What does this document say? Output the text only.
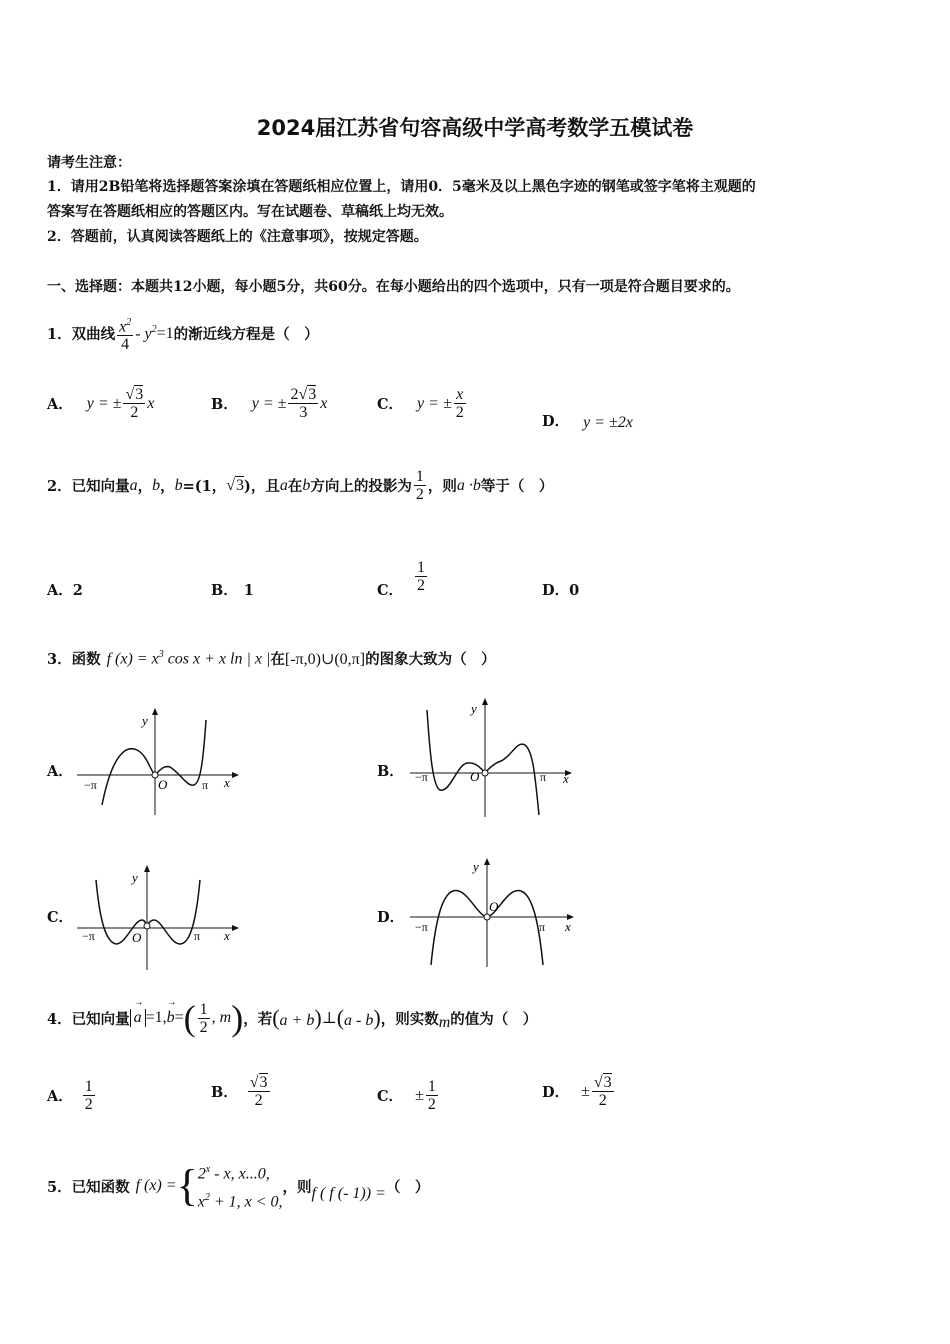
2024届江苏省句容高级中学高考数学五模试卷
请考生注意：
1．请用2B铅笔将选择题答案涂填在答题纸相应位置上，请用0．5毫米及以上黑色字迹的钢笔或签字笔将主观题的
答案写在答题纸相应的答题区内。写在试题卷、草稿纸上均无效。
2．答题前，认真阅读答题纸上的《注意事项》，按规定答题。
一、选择题：本题共12小题，每小题5分，共60分。在每小题给出的四个选项中，只有一项是符合题目要求的。
1．双曲线 $\frac{x^2}{4} - y^2 =1$ 的渐近线方程是（　）
A． y = ± $\frac{√3}{2}$ x	B． y = ± $\frac{2√3}{3}$ x	C． y = ± $\frac{x}{2}$	D． y = ±2x
2．已知向量 a ， b ， b =(1， √3 )，且 a 在 b 方向上的投影为 $\frac{1}{2}$ ，则 a ·b 等于（　）
A．2	B． 1	C． $\frac{1}{2}$	D．0
3．函数 f $(x) = x^3$ cos x + x ln | x | 在 [-π,0)∪(0,π] 的图象大致为（　）
A．	B．
C．	D．
y
x
O
−π	π
y
x
O
−π	π
y
x
O
−π	π
y
x
O
−π	π
4．已知向量
→
a =1,
→
b = ( $\frac{1}{2}$ , m ) ，若 (a + b) ⊥ (a - b) ，则实数 m 的值为（　）
A． $\frac{1}{2}$	B． $\frac{√3}{2}$	C． ± $\frac{1}{2}$	D． ± $\frac{√3}{2}$
5．已知函数 f (x) = { 2$^x$ - x, x...0,
$x^2 + 1$, x < 0,
，则 f ( f (- 1)) = （　）
